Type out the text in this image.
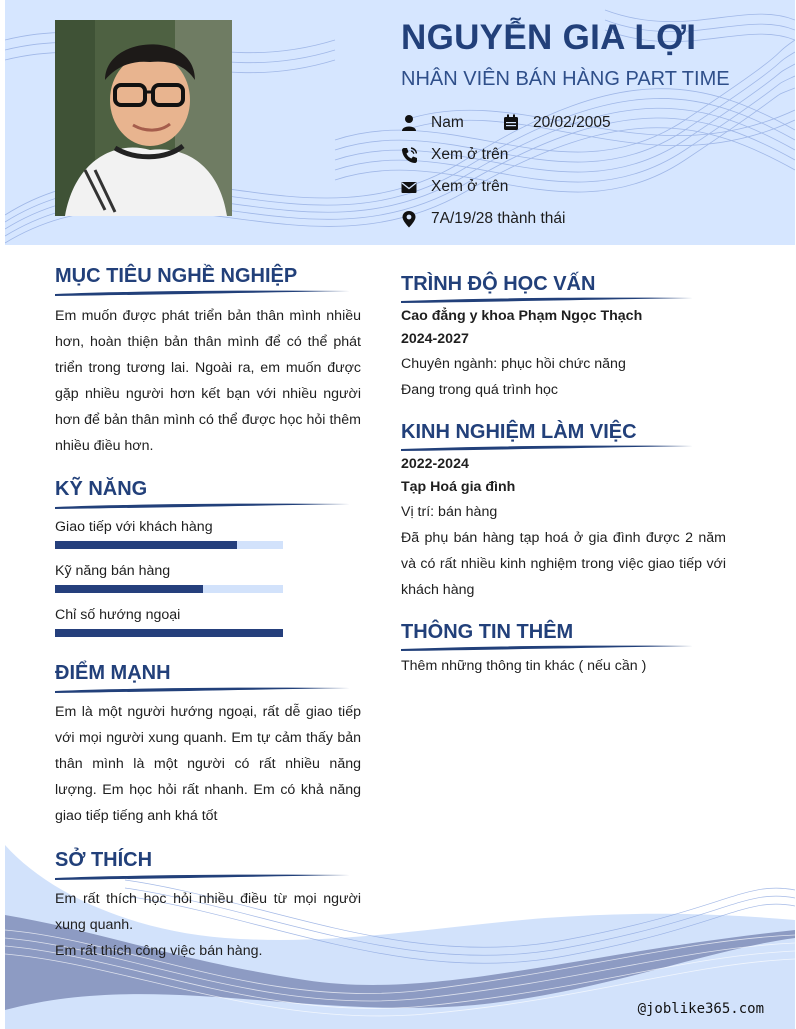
NGUYỄN GIA LỢI
NHÂN VIÊN BÁN HÀNG PART TIME
Nam	20/02/2005
Xem ở trên
Xem ở trên
7A/19/28 thành thái
@joblike365.com
MỤC TIÊU NGHỀ NGHIỆP
Em muốn được phát triển bản thân mình nhiều hơn, hoàn thiện bản thân mình để có thể phát triển trong tương lai. Ngoài ra, em muốn được gặp nhiều người hơn kết bạn với nhiều người hơn để bản thân mình có thể được học hỏi thêm nhiều điều hơn.
KỸ NĂNG
Giao tiếp với khách hàng
Kỹ năng bán hàng
Chỉ số hướng ngoại
ĐIỂM MẠNH
Em là một người hướng ngoại, rất dễ giao tiếp với mọi người xung quanh. Em tự cảm thấy bản thân mình là một người có rất nhiều năng lượng. Em học hỏi rất nhanh. Em có khả năng giao tiếp tiếng anh khá tốt
SỞ THÍCH
Em rất thích học hỏi nhiều điều từ mọi người xung quanh.
Em rất thích công việc bán hàng.
TRÌNH ĐỘ HỌC VẤN
Cao đẳng y khoa Phạm Ngọc Thạch
2024-2027
Chuyên ngành: phục hồi chức năng
Đang trong quá trình học
KINH NGHIỆM LÀM VIỆC
2022-2024
Tạp Hoá gia đình
Vị trí: bán hàng
Đã phụ bán hàng tạp hoá ở gia đình được 2 năm và có rất nhiều kinh nghiệm trong việc giao tiếp với khách hàng
THÔNG TIN THÊM
Thêm những thông tin khác ( nếu cần )
